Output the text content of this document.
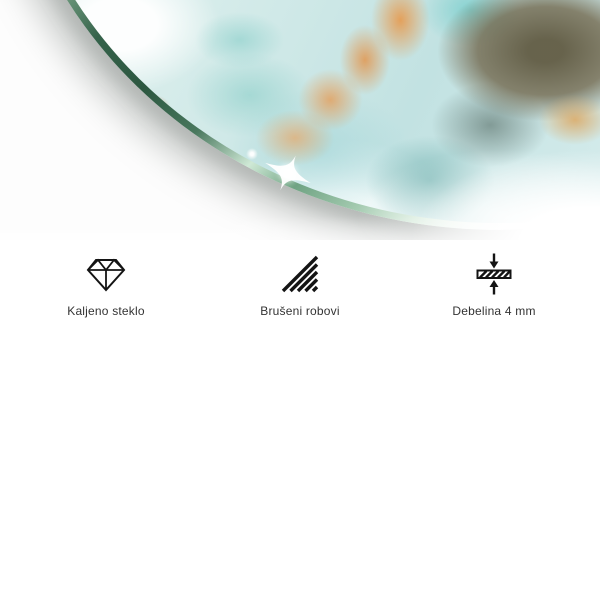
Kaljeno steklo	Brušeni robovi	Debelina 4 mm
